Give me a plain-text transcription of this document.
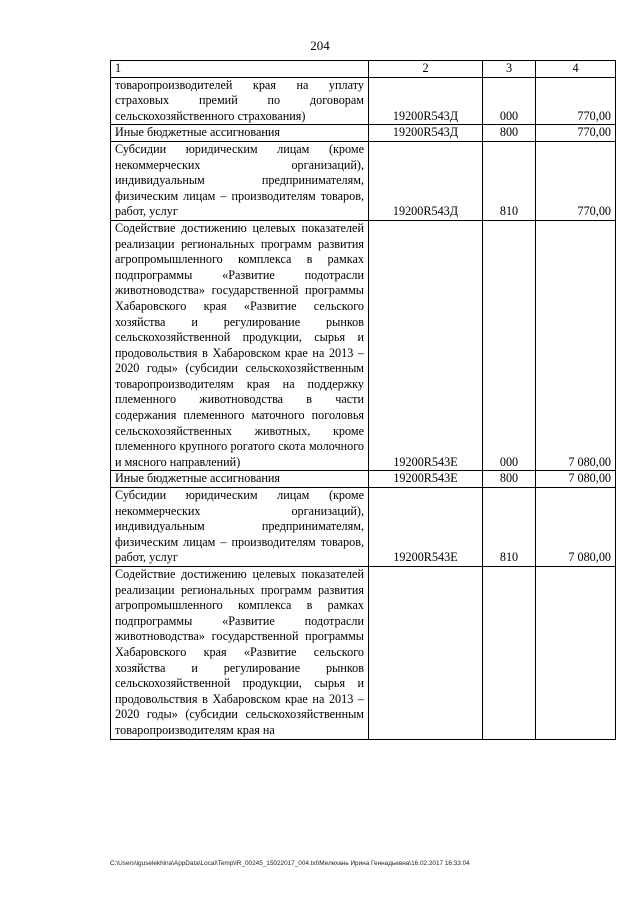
204
1	2	3	4
товаропроизводителей края на уплату страховых премий по договорам сельскохозяйственного страхования)	19200R543Д	000	770,00
Иные бюджетные ассигнования	19200R543Д	800	770,00
Субсидии юридическим лицам (кроме некоммерческих организаций), индивидуальным предпринимателям, физическим лицам – производителям товаров, работ, услуг	19200R543Д	810	770,00
Содействие достижению целевых показателей реализации региональных программ развития агропромышленного комплекса в рамках подпрограммы «Развитие подотрасли животноводства» государственной программы Хабаровского края «Развитие сельского хозяйства и регулирование рынков сельскохозяйственной продукции, сырья и продовольствия в Хабаровском крае на 2013 – 2020 годы» (субсидии сельскохозяйственным товаропроизводителям края на поддержку племенного животноводства в части содержания племенного маточного поголовья сельскохозяйственных животных, кроме племенного крупного рогатого скота молочного и мясного направлений)	19200R543Е	000	7 080,00
Иные бюджетные ассигнования	19200R543Е	800	7 080,00
Субсидии юридическим лицам (кроме некоммерческих организаций), индивидуальным предпринимателям, физическим лицам – производителям товаров, работ, услуг	19200R543Е	810	7 080,00
Содействие достижению целевых показателей реализации региональных программ развития агропромышленного комплекса в рамках подпрограммы «Развитие подотрасли животноводства» государственной программы Хабаровского края «Развитие сельского хозяйства и регулирование рынков сельскохозяйственной продукции, сырья и продовольствия в Хабаровском крае на 2013 – 2020 годы» (субсидии сельскохозяйственным товаропроизводителям края на			
C:\Users\iguselekhina\AppData\Local\Temp\IR_00245_15022017_004.txt\Мелехань Ирина Геннадьевна\16.02.2017 16:33:04
